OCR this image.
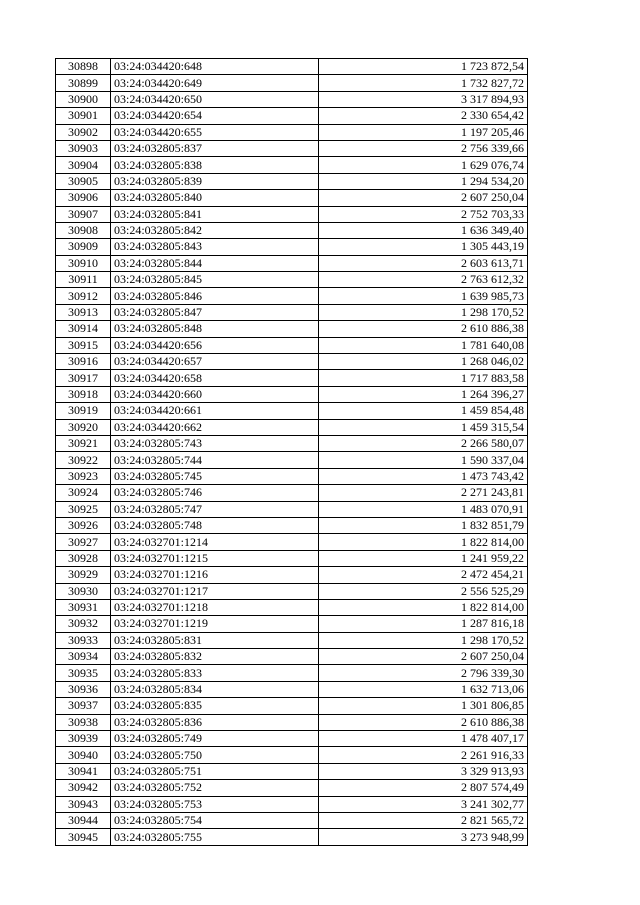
30898	03:24:034420:648	1 723 872,54
30899	03:24:034420:649	1 732 827,72
30900	03:24:034420:650	3 317 894,93
30901	03:24:034420:654	2 330 654,42
30902	03:24:034420:655	1 197 205,46
30903	03:24:032805:837	2 756 339,66
30904	03:24:032805:838	1 629 076,74
30905	03:24:032805:839	1 294 534,20
30906	03:24:032805:840	2 607 250,04
30907	03:24:032805:841	2 752 703,33
30908	03:24:032805:842	1 636 349,40
30909	03:24:032805:843	1 305 443,19
30910	03:24:032805:844	2 603 613,71
30911	03:24:032805:845	2 763 612,32
30912	03:24:032805:846	1 639 985,73
30913	03:24:032805:847	1 298 170,52
30914	03:24:032805:848	2 610 886,38
30915	03:24:034420:656	1 781 640,08
30916	03:24:034420:657	1 268 046,02
30917	03:24:034420:658	1 717 883,58
30918	03:24:034420:660	1 264 396,27
30919	03:24:034420:661	1 459 854,48
30920	03:24:034420:662	1 459 315,54
30921	03:24:032805:743	2 266 580,07
30922	03:24:032805:744	1 590 337,04
30923	03:24:032805:745	1 473 743,42
30924	03:24:032805:746	2 271 243,81
30925	03:24:032805:747	1 483 070,91
30926	03:24:032805:748	1 832 851,79
30927	03:24:032701:1214	1 822 814,00
30928	03:24:032701:1215	1 241 959,22
30929	03:24:032701:1216	2 472 454,21
30930	03:24:032701:1217	2 556 525,29
30931	03:24:032701:1218	1 822 814,00
30932	03:24:032701:1219	1 287 816,18
30933	03:24:032805:831	1 298 170,52
30934	03:24:032805:832	2 607 250,04
30935	03:24:032805:833	2 796 339,30
30936	03:24:032805:834	1 632 713,06
30937	03:24:032805:835	1 301 806,85
30938	03:24:032805:836	2 610 886,38
30939	03:24:032805:749	1 478 407,17
30940	03:24:032805:750	2 261 916,33
30941	03:24:032805:751	3 329 913,93
30942	03:24:032805:752	2 807 574,49
30943	03:24:032805:753	3 241 302,77
30944	03:24:032805:754	2 821 565,72
30945	03:24:032805:755	3 273 948,99
